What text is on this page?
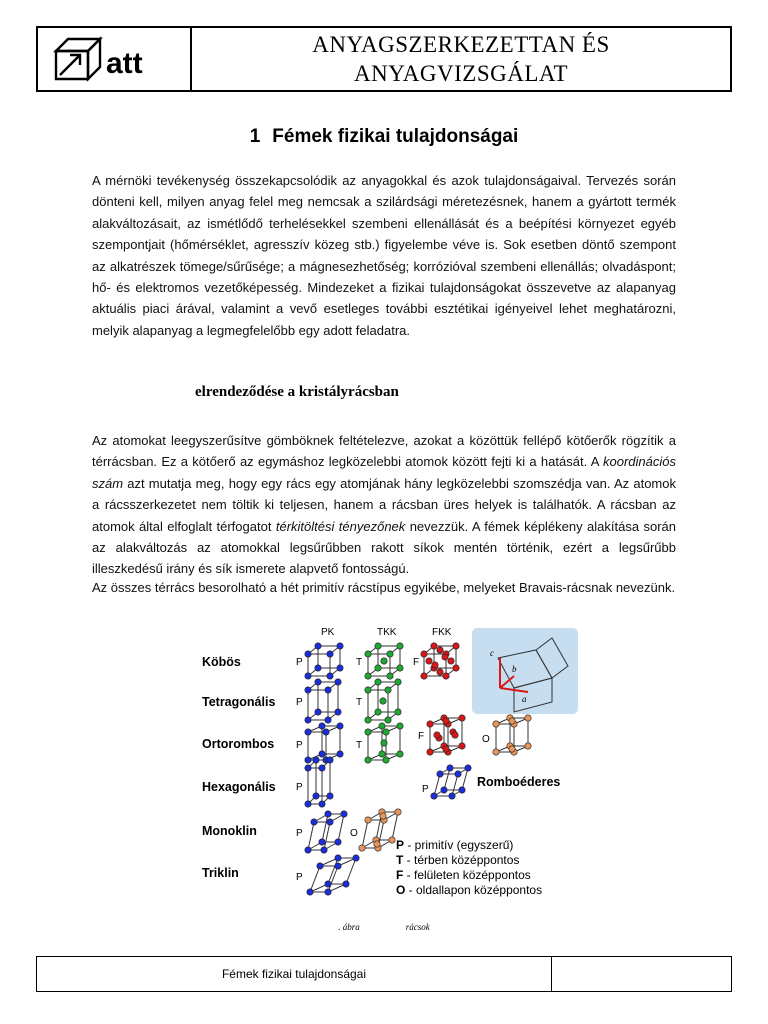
att
ANYAGSZERKEZETTAN ÉS
ANYAGVIZSGÁLAT
1 Fémek fizikai tulajdonságai

A mérnöki tevékenység összekapcsolódik az anyagokkal és azok tulajdonságaival. Tervezés során dönteni kell, milyen anyag felel meg nemcsak a szilárdsági méretezésnek, hanem a gyártott termék alakváltozásait, az ismétlődő terhelésekkel szembeni ellenállását és a beépítési környezet egyéb szempontjait (hőmérséklet, agresszív közeg stb.) figyelembe véve is. Sok esetben döntő szempont az alkatrészek tömege/sűrűsége; a mágnesezhetőség; korrózióval szembeni ellenállás; olvadáspont; hő- és elektromos vezetőképesség. Mindezeket a fizikai tulajdonságokat összevetve az alapanyag aktuális piaci árával, valamint a vevő esetleges további esztétikai igényeivel lehet meghatározni, melyik alapanyag a legmegfelelőbb egy adott feladatra.

elrendeződése a kristályrácsban

Az atomokat leegyszerűsítve gömböknek feltételezve, azokat a közöttük fellépő kötőerők rögzítik a térrácsban. Ez a kötőerő az egymáshoz legközelebbi atomok között fejti ki a hatását. A koordinációs szám azt mutatja meg, hogy egy rács egy atomjának hány legközelebbi szomszédja van. Az atomok a rácsszerkezetet nem töltik ki teljesen, hanem a rácsban üres helyek is találhatók. A rácsban az atomok által elfoglalt térfogatot térkitöltési tényezőnek nevezzük. A fémek képlékeny alakítása során az alakváltozás az atomokkal legsűrűbben rakott síkok mentén történik, ezért a legsűrűbb illeszkedésű irány és sík ismerete alapvető fontosságú.

Az összes térrács besorolható a hét primitív rácstípus egyikébe, melyeket Bravais-rácsnak nevezünk.

PK	TKK	FKK
Köbös
Tetragonális
Ortorombos
Hexagonális
Monoklin
Triklin
Romboéderes
P	T	F
P	T
P	T
F	O
P	P
P	O
P
a
b
c
P - primitív (egyszerű)
T - térben középpontos
F - felületen középpontos
O - oldallapon középpontos
. ábra	rácsok
Fémek fizikai tulajdonságai
